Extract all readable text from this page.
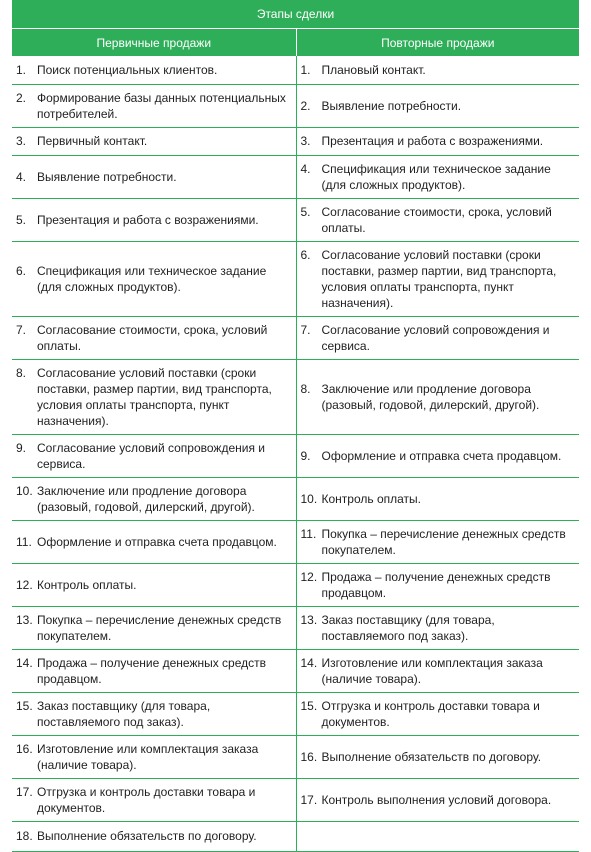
Этапы сделки
Первичные продажи	Повторные продажи

1. Поиск потенциальных клиентов.	1. Плановый контакт.

2. Формирование базы данных потенциальных потребителей.	2. Выявление потребности.

3. Первичный контакт.	3. Презентация и работа с возражениями.

4. Выявление потребности.	4. Спецификация или техническое задание (для сложных продуктов).

5. Презентация и работа с возражениями.	5. Согласование стоимости, срока, условий оплаты.

6. Спецификация или техническое задание (для сложных продуктов).	6. Согласование условий поставки (сроки поставки, размер партии, вид транспорта, условия оплаты транспорта, пункт назначения).

7. Согласование стоимости, срока, условий оплаты.	7. Согласование условий сопровождения и сервиса.

8. Согласование условий поставки (сроки поставки, размер партии, вид транспорта, условия оплаты транспорта, пункт назначения).	8. Заключение или продление договора (разовый, годовой, дилерский, другой).

9. Согласование условий сопровождения и сервиса.	9. Оформление и отправка счета продавцом.

10. Заключение или продление договора (разовый, годовой, дилерский, другой).	10. Контроль оплаты.

11. Оформление и отправка счета продавцом.	11. Покупка – перечисление денежных средств покупателем.

12. Контроль оплаты.	12. Продажа – получение денежных средств продавцом.

13. Покупка – перечисление денежных средств покупателем.	13. Заказ поставщику (для товара, поставляемого под заказ).

14. Продажа – получение денежных средств продавцом.	14. Изготовление или комплектация заказа (наличие товара).

15. Заказ поставщику (для товара, поставляемого под заказ).	15. Отгрузка и контроль доставки товара и документов.

16. Изготовление или комплектация заказа (наличие товара).	16. Выполнение обязательств по договору.

17. Отгрузка и контроль доставки товара и документов.	17. Контроль выполнения условий договора.

18. Выполнение обязательств по договору.	
